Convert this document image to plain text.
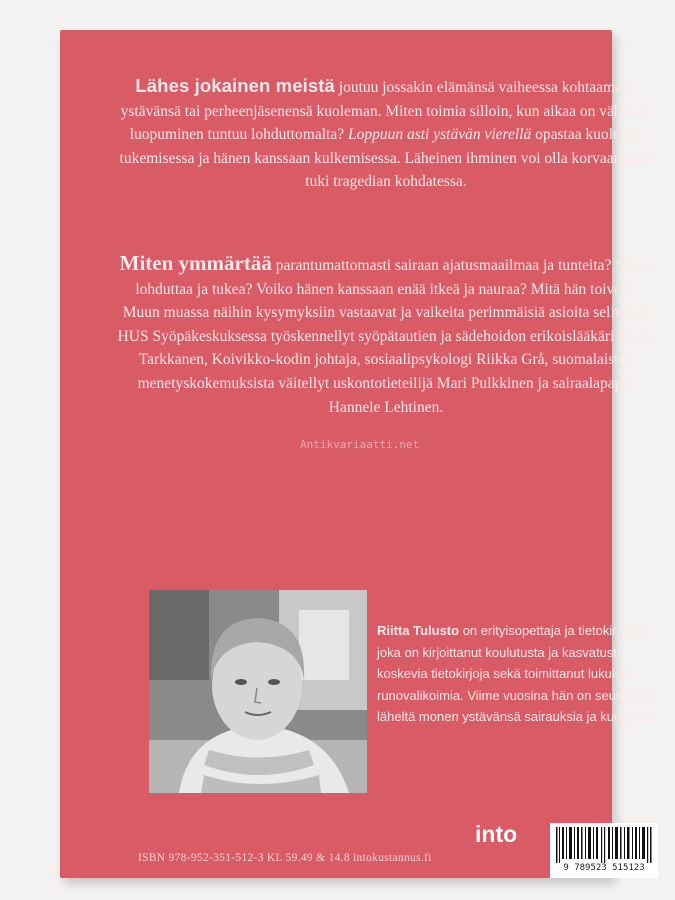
Lähes jokainen meistä joutuu jossakin elämänsä vaiheessa kohtaamaan ystävänsä tai perheenjäsenensä kuoleman. Miten toimia silloin, kun aikaa on vähän ja luopuminen tuntuu lohduttomalta? Loppuun asti ystävän vierellä opastaa kuolevan tukemisessa ja hänen kanssaan kulkemisessa. Läheinen ihminen voi olla korvaamaton tuki tragedian kohdatessa.
Miten ymmärtää parantumattomasti sairaan ajatusmaailmaa ja tunteita? Miten lohduttaa ja tukea? Voiko hänen kanssaan enää itkeä ja nauraa? Mitä hän toivoo? Muun muassa näihin kysymyksiin vastaavat ja vaikeita perimmäisiä asioita selittävät HUS Syöpäkeskuksessa työskennellyt syöpätautien ja sädehoidon erikoislääkäri Maija Tarkkanen, Koivikko-kodin johtaja, sosiaalipsykologi Riikka Grå, suomalaisten menetyskokemuksista väitellyt uskontotieteilijä Mari Pulkkinen ja sairaalapappi Hannele Lehtinen.
Antikvariaatti.net
Riitta Tulusto on erityisopettaja ja tietokirjailija, joka on kirjoittanut koulutusta ja kasvatusta koskevia tietokirjoja sekä toimittanut lukuisia runovalikoimia. Viime vuosina hän on seurannut läheltä monen ystävänsä sairauksia ja kuolemia.
into
ISBN 978-952-351-512-3 KL 59.49 & 14.8 intokustannus.fi
9 789523 515123
